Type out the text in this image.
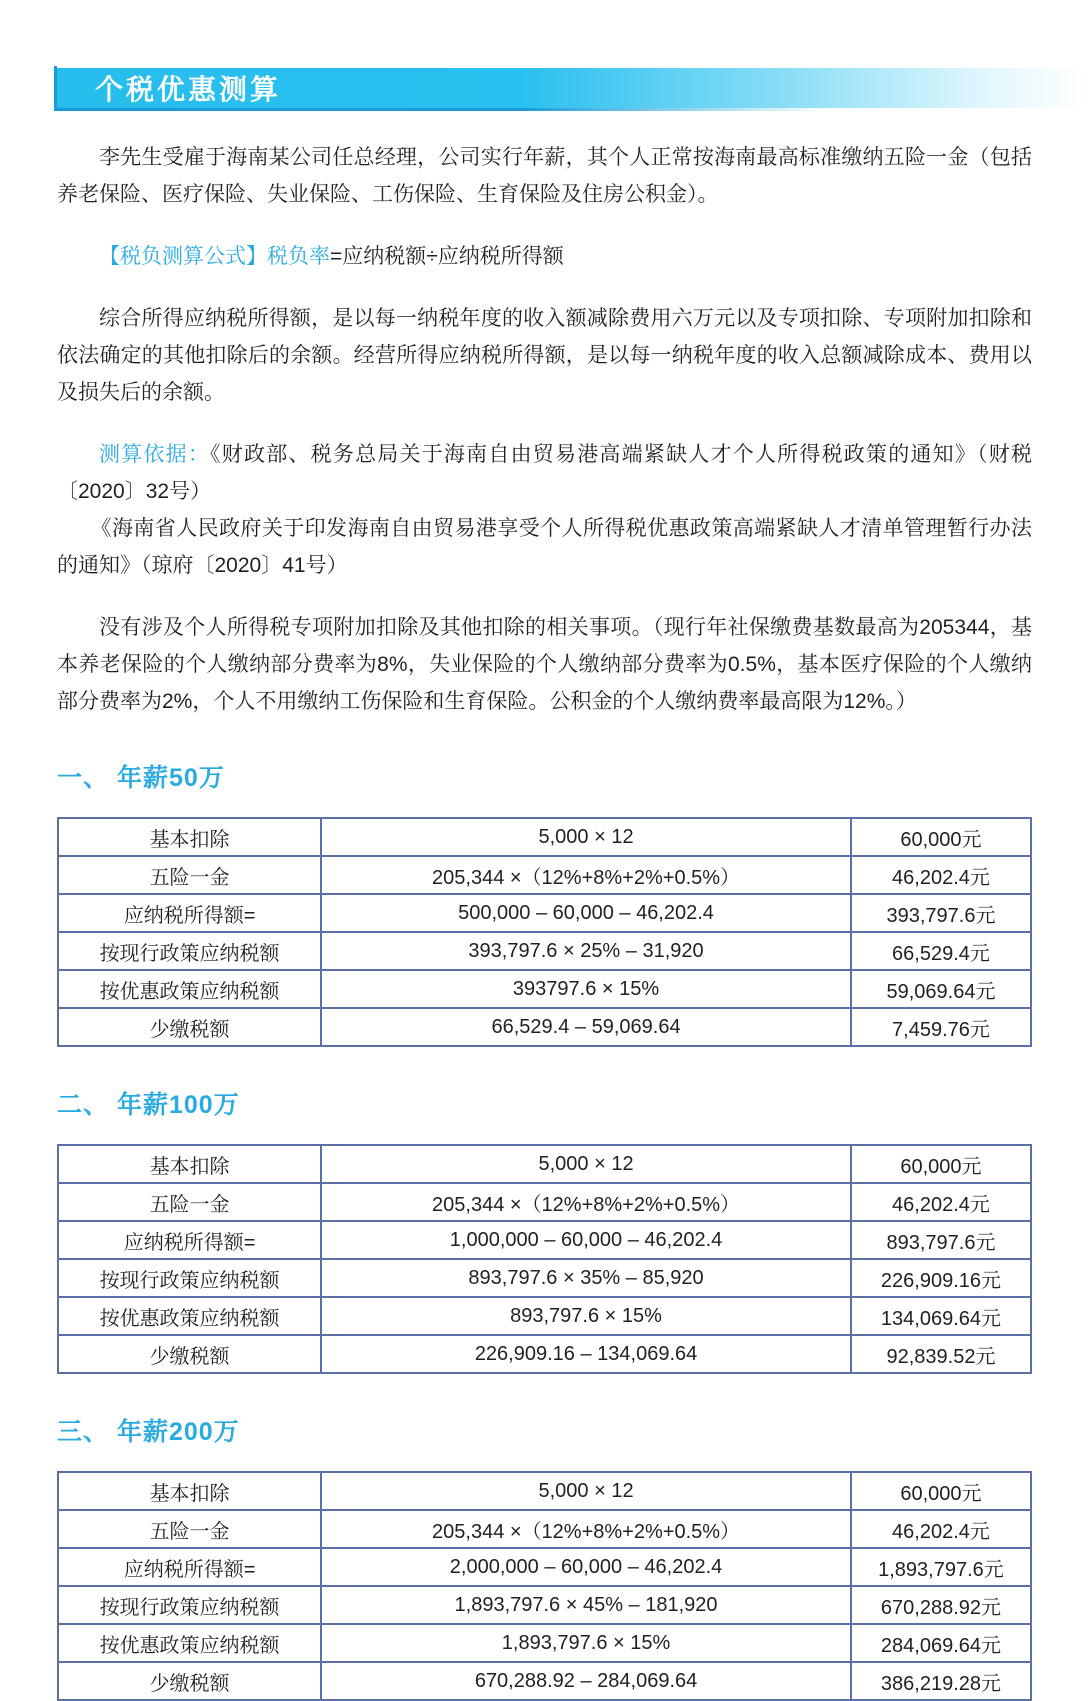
个税优惠测算

李先生受雇于海南某公司任总经理，公司实行年薪，其个人正常按海南最高标准缴纳五险一金（包括养老保险、医疗保险、失业保险、工伤保险、生育保险及住房公积金）。

【税负测算公式】税负率=应纳税额÷应纳税所得额

综合所得应纳税所得额，是以每一纳税年度的收入额减除费用六万元以及专项扣除、专项附加扣除和依法确定的其他扣除后的余额。经营所得应纳税所得额，是以每一纳税年度的收入总额减除成本、费用以及损失后的余额。

测算依据：《财政部、税务总局关于海南自由贸易港高端紧缺人才个人所得税政策的通知》（财税〔2020〕32号）

《海南省人民政府关于印发海南自由贸易港享受个人所得税优惠政策高端紧缺人才清单管理暂行办法的通知》（琼府〔2020〕41号）

没有涉及个人所得税专项附加扣除及其他扣除的相关事项。（现行年社保缴费基数最高为205344，基本养老保险的个人缴纳部分费率为8%，失业保险的个人缴纳部分费率为0.5%，基本医疗保险的个人缴纳部分费率为2%，个人不用缴纳工伤保险和生育保险。公积金的个人缴纳费率最高限为12%。）

一、 年薪50万
基本扣除	5,000 × 12	60,000元
五险一金	205,344 ×（12%+8%+2%+0.5%）	46,202.4元
应纳税所得额=	500,000 – 60,000 – 46,202.4	393,797.6元
按现行政策应纳税额	393,797.6 × 25% – 31,920	66,529.4元
按优惠政策应纳税额	393797.6 × 15%	59,069.64元
少缴税额	66,529.4 – 59,069.64	7,459.76元
二、 年薪100万
基本扣除	5,000 × 12	60,000元
五险一金	205,344 ×（12%+8%+2%+0.5%）	46,202.4元
应纳税所得额=	1,000,000 – 60,000 – 46,202.4	893,797.6元
按现行政策应纳税额	893,797.6 × 35% – 85,920	226,909.16元
按优惠政策应纳税额	893,797.6 × 15%	134,069.64元
少缴税额	226,909.16 – 134,069.64	92,839.52元
三、 年薪200万
基本扣除	5,000 × 12	60,000元
五险一金	205,344 ×（12%+8%+2%+0.5%）	46,202.4元
应纳税所得额=	2,000,000 – 60,000 – 46,202.4	1,893,797.6元
按现行政策应纳税额	1,893,797.6 × 45% – 181,920	670,288.92元
按优惠政策应纳税额	1,893,797.6 × 15%	284,069.64元
少缴税额	670,288.92 – 284,069.64	386,219.28元
